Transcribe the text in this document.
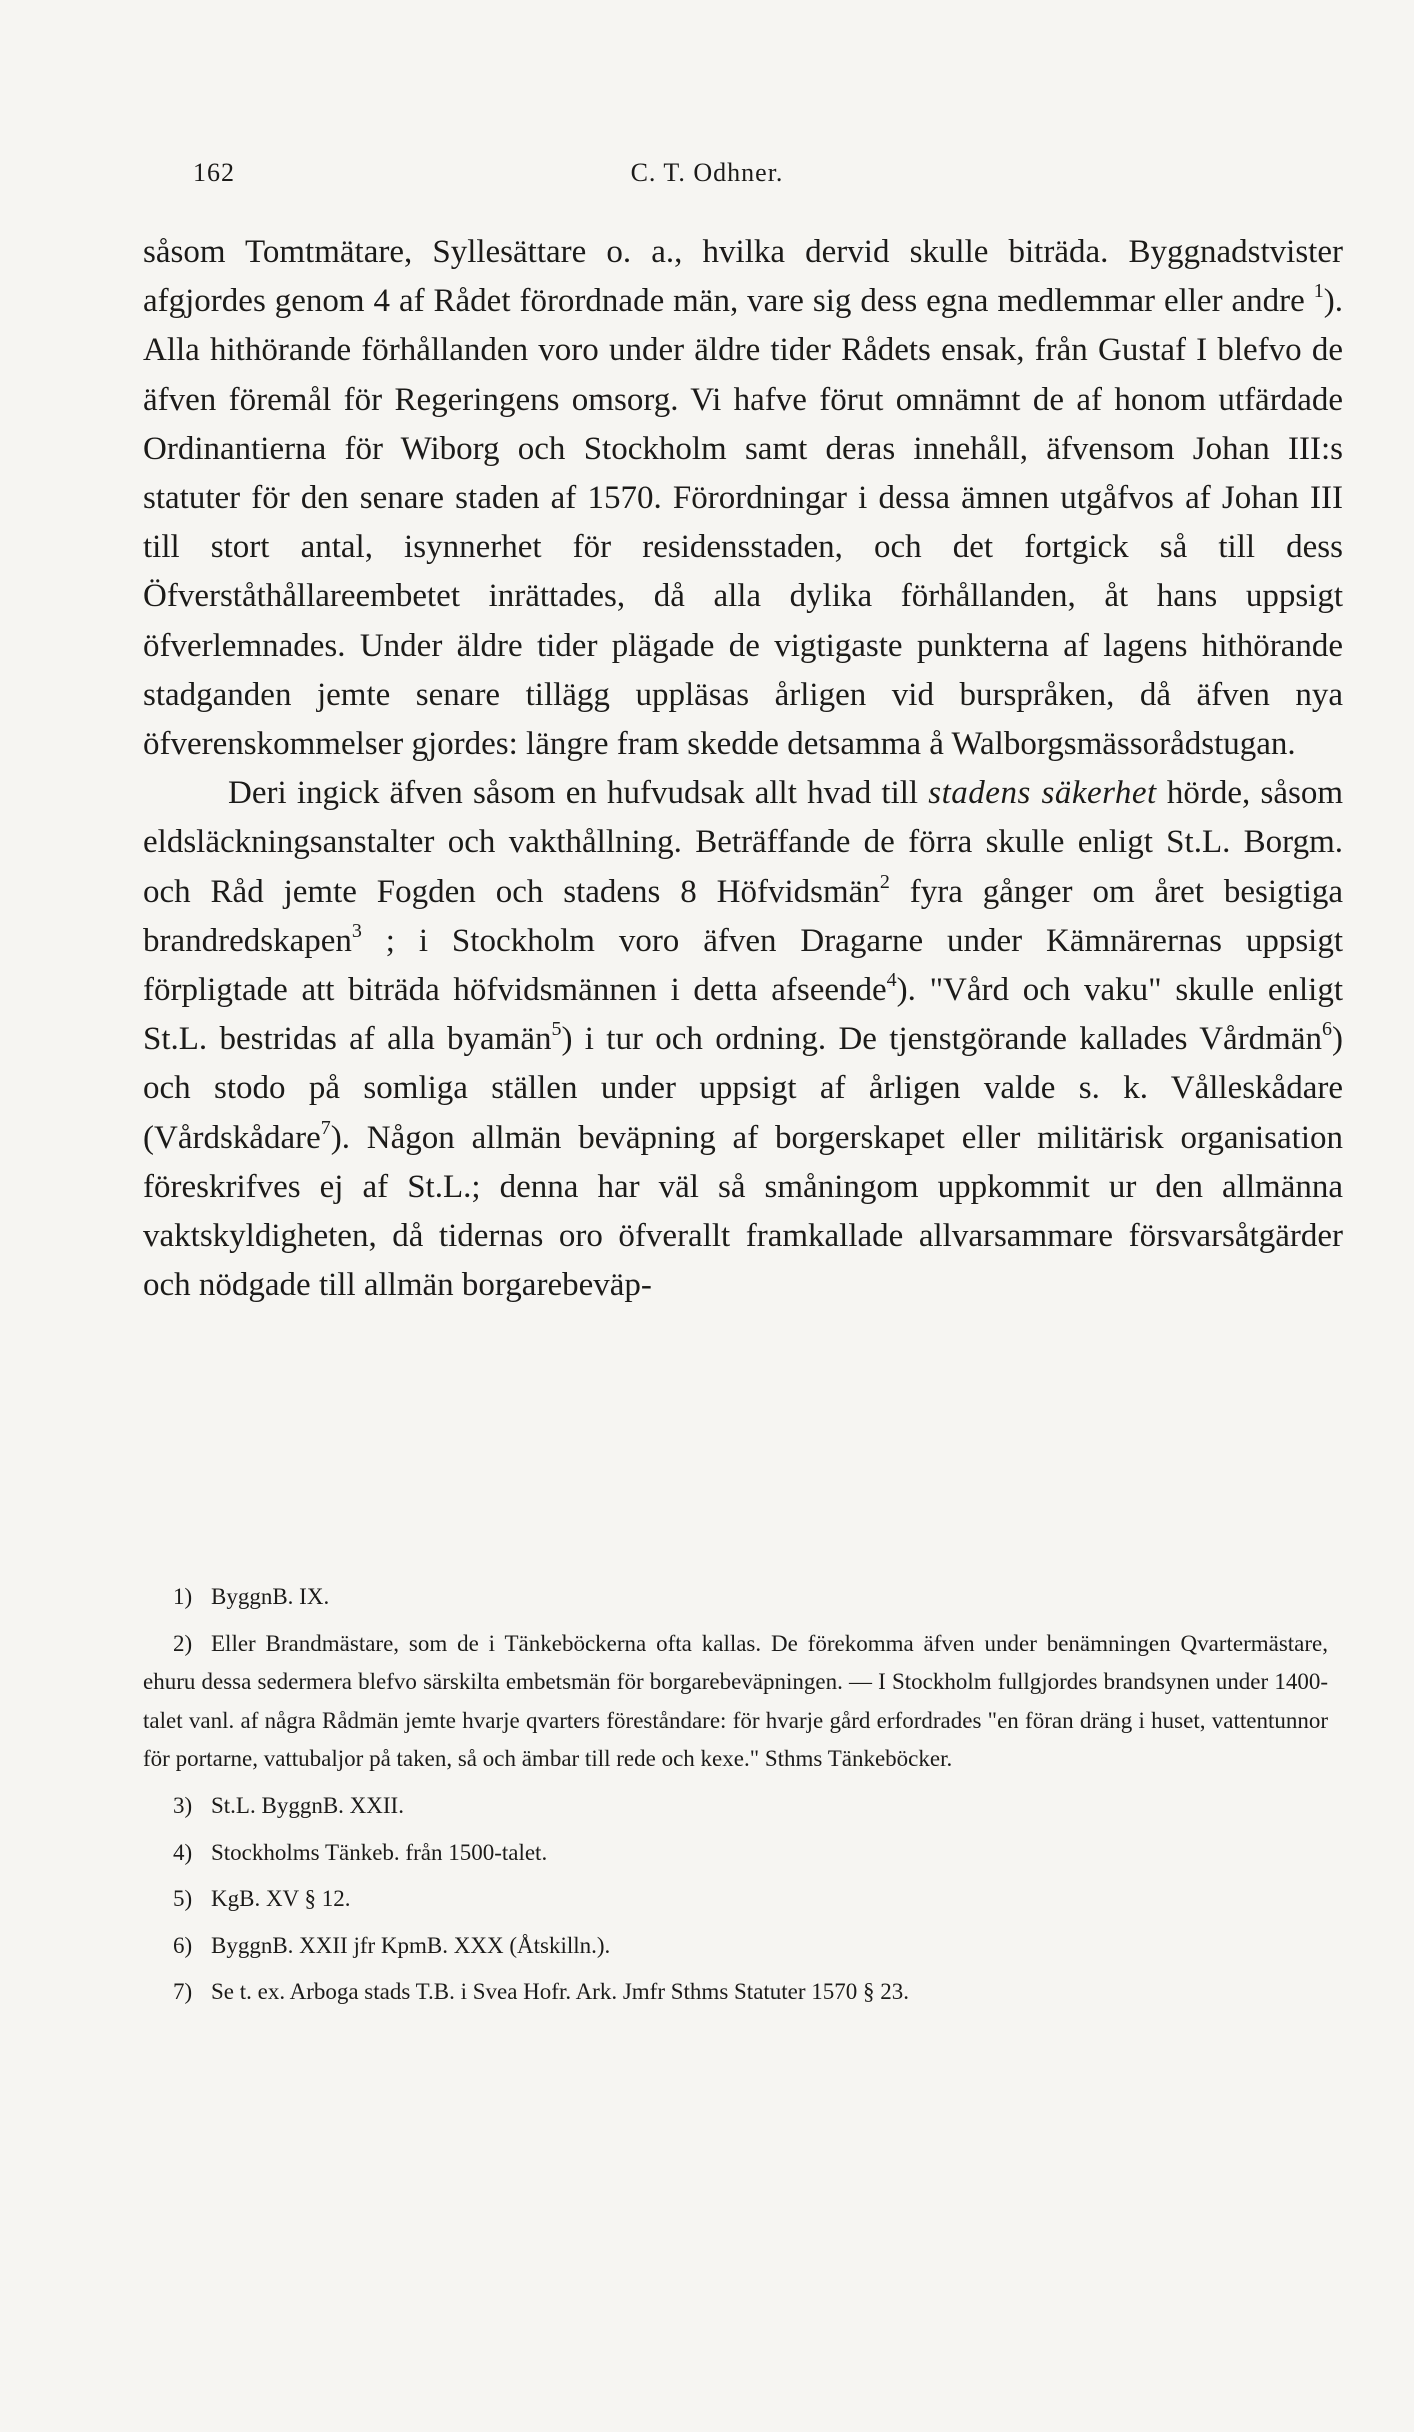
162	C. T. Odhner.

såsom Tomtmätare, Syllesättare o. a., hvilka dervid skulle biträda. Byggnadstvister afgjordes genom 4 af Rådet förordnade män, vare sig dess egna medlemmar eller andre $^1$). Alla hithörande förhållanden voro under äldre tider Rådets ensak, från Gustaf I blefvo de äfven föremål för Regeringens omsorg. Vi hafve förut omnämnt de af honom utfärdade Ordinantierna för Wiborg och Stockholm samt deras innehåll, äfvensom Johan III:s statuter för den senare staden af 1570. Förordningar i dessa ämnen utgåfvos af Johan III till stort antal, isynnerhet för residensstaden, och det fortgick så till dess Öfverståthållareembetet inrättades, då alla dylika förhållanden, åt hans uppsigt öfverlemnades. Under äldre tider plägade de vigtigaste punkterna af lagens hithörande stadganden jemte senare tillägg uppläsas årligen vid burspråken, då äfven nya öfverenskommelser gjordes: längre fram skedde detsamma å Walborgsmässorådstugan.

Deri ingick äfven såsom en hufvudsak allt hvad till stadens säkerhet hörde, såsom eldsläckningsanstalter och vakthållning. Beträffande de förra skulle enligt St.L. Borgm. och Råd jemte Fogden och stadens 8 Höfvidsmän$^2$ fyra gånger om året besigtiga brandredskapen$^3$ ; i Stockholm voro äfven Dragarne under Kämnärernas uppsigt förpligtade att biträda höfvidsmännen i detta afseende$^4$). "Vård och vaku" skulle enligt St.L. bestridas af alla byamän$^5$) i tur och ordning. De tjenstgörande kallades Vårdmän$^6$) och stodo på somliga ställen under uppsigt af årligen valde s. k. Vålleskådare (Vårdskådare$^7$). Någon allmän beväpning af borgerskapet eller militärisk organisation föreskrifves ej af St.L.; denna har väl så småningom uppkommit ur den allmänna vaktskyldigheten, då tidernas oro öfverallt framkallade allvarsammare försvarsåtgärder och nödgade till allmän borgarebeväp-

1) ByggnB. IX.
2) Eller Brandmästare, som de i Tänkeböckerna ofta kallas. De förekomma äfven under benämningen Qvartermästare, ehuru dessa sedermera blefvo särskilta embetsmän för borgarebeväpningen. — I Stockholm fullgjordes brandsynen under 1400-talet vanl. af några Rådmän jemte hvarje qvarters föreståndare: för hvarje gård erfordrades "en föran dräng i huset, vattentunnor för portarne, vattubaljor på taken, så och ämbar till rede och kexe." Sthms Tänkeböcker.
3) St.L. ByggnB. XXII.
4) Stockholms Tänkeb. från 1500-talet.
5) KgB. XV § 12.
6) ByggnB. XXII jfr KpmB. XXX (Åtskilln.).
7) Se t. ex. Arboga stads T.B. i Svea Hofr. Ark. Jmfr Sthms Statuter 1570 § 23.
